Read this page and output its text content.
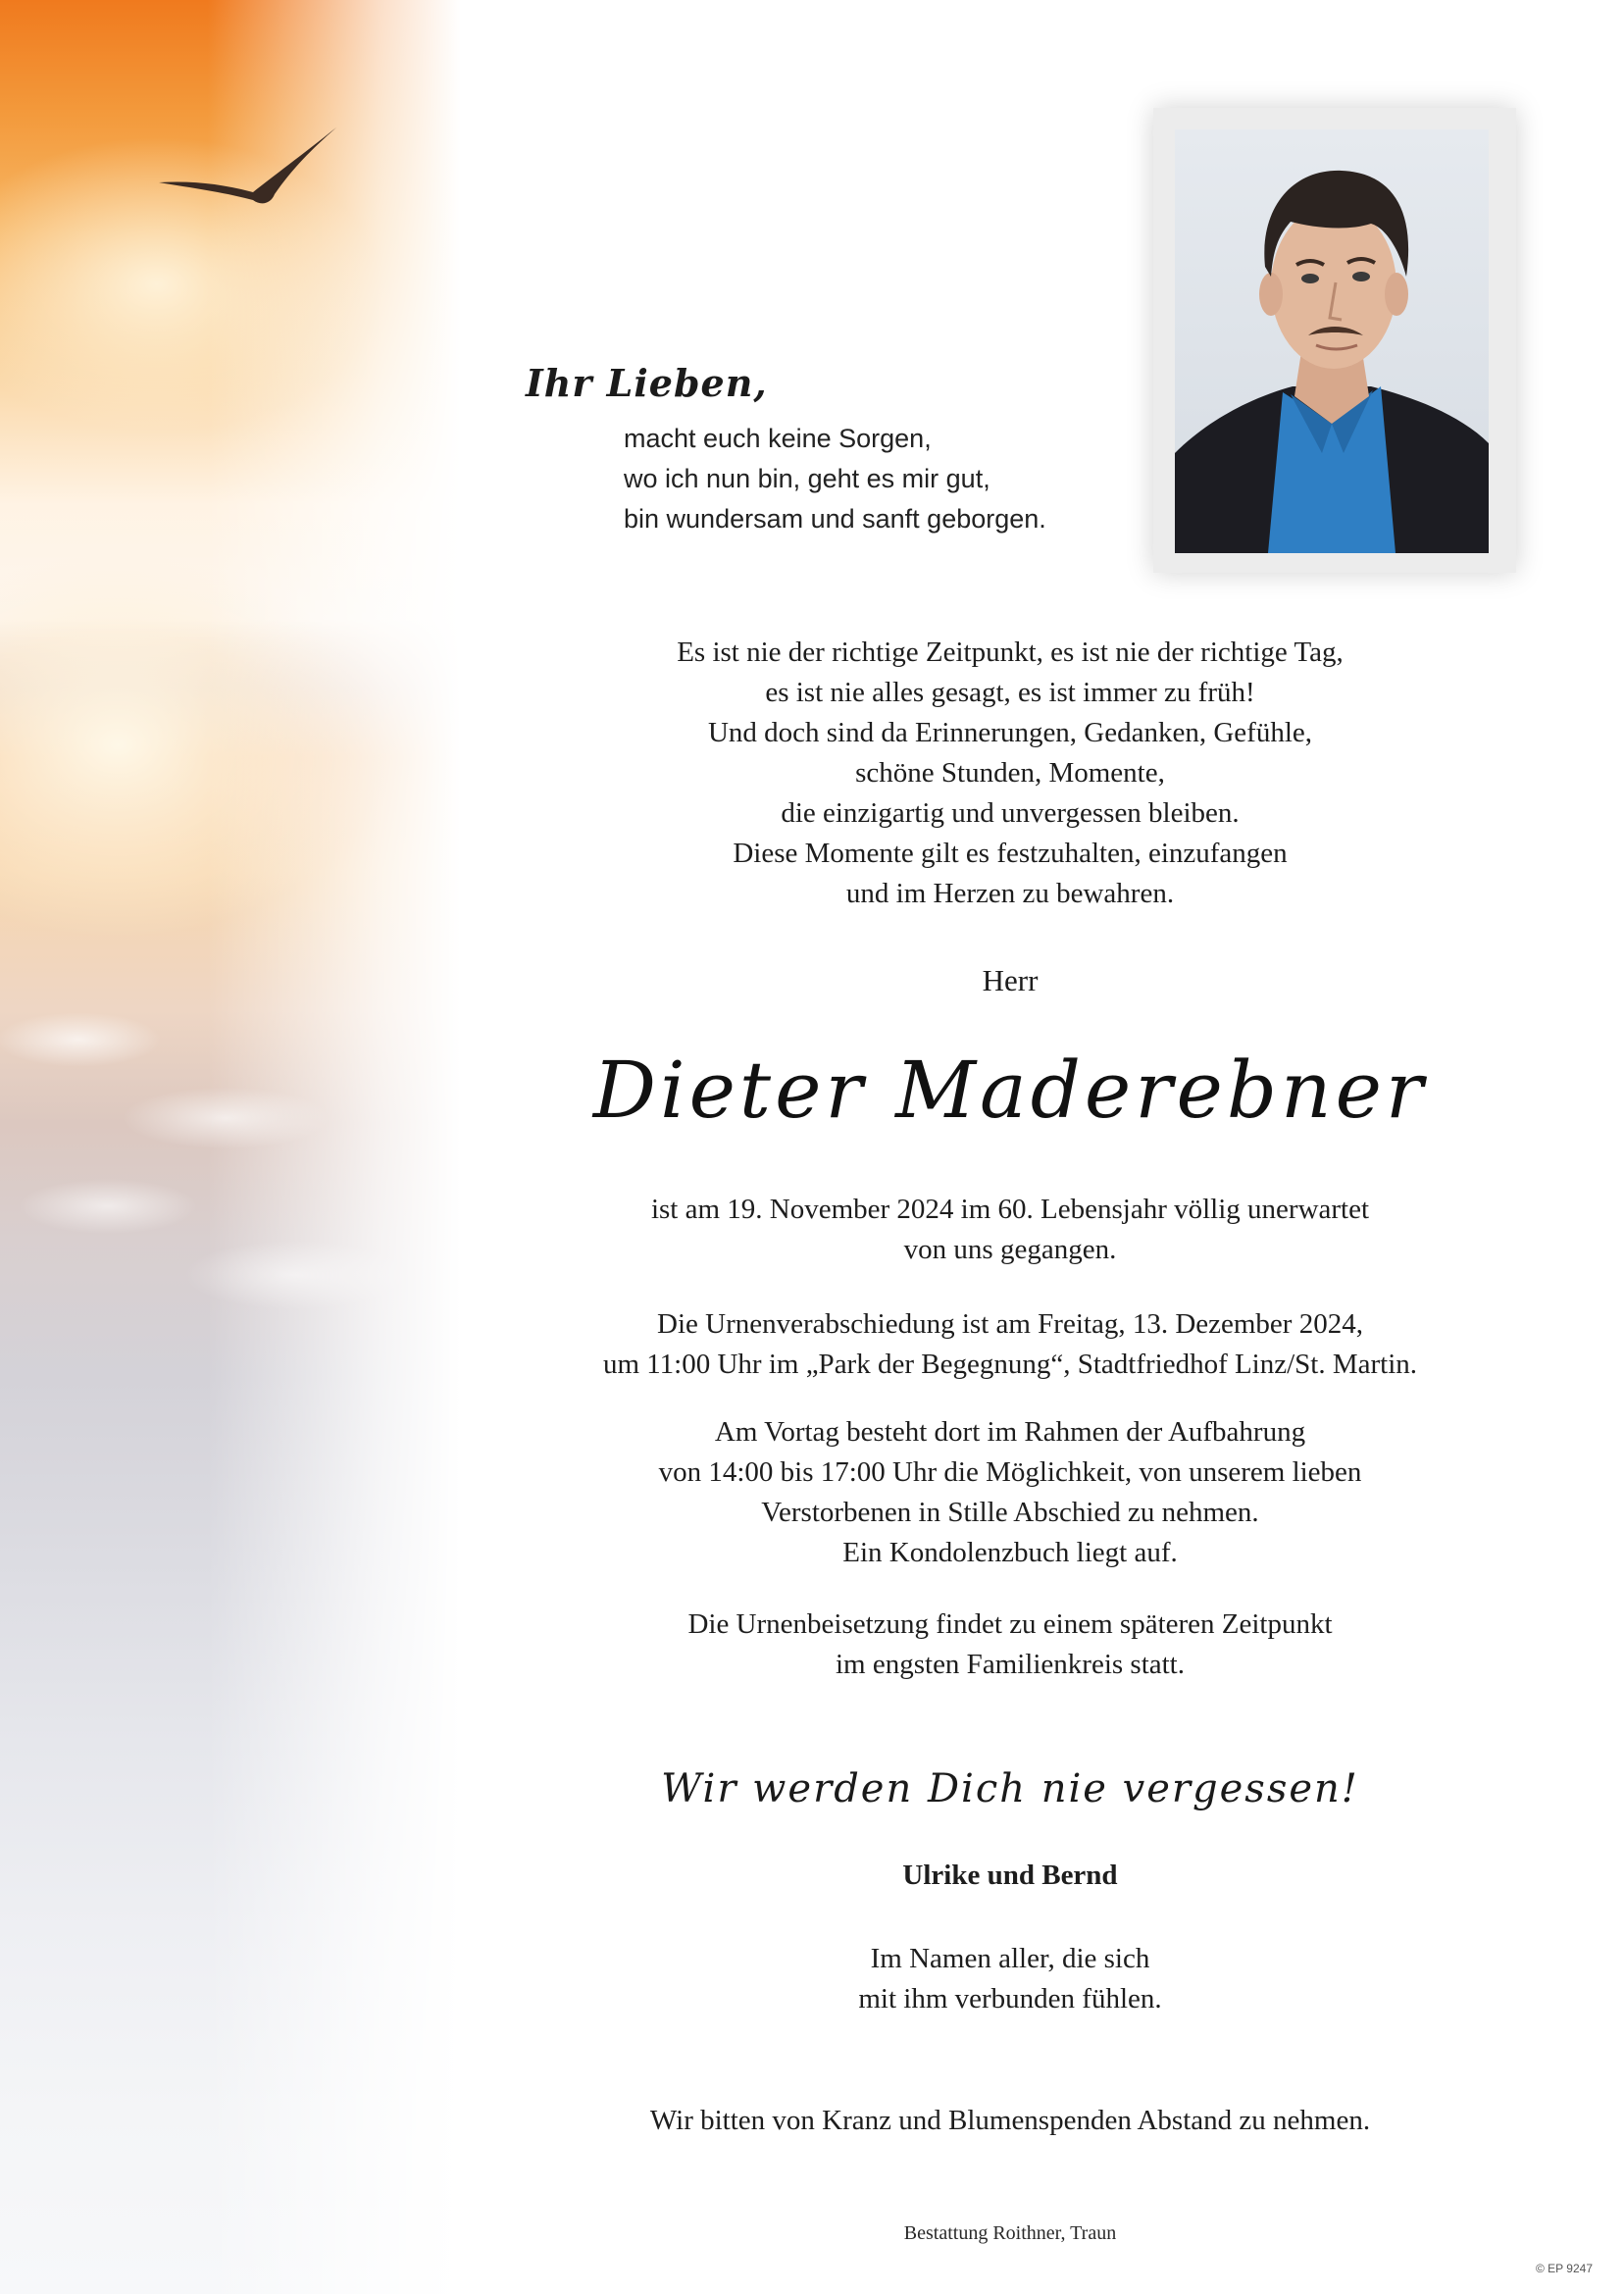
Ihr Lieben,
macht euch keine Sorgen,
wo ich nun bin, geht es mir gut,
bin wundersam und sanft geborgen.
Es ist nie der richtige Zeitpunkt, es ist nie der richtige Tag,
es ist nie alles gesagt, es ist immer zu früh!
Und doch sind da Erinnerungen, Gedanken, Gefühle,
schöne Stunden, Momente,
die einzigartig und unvergessen bleiben.
Diese Momente gilt es festzuhalten, einzufangen
und im Herzen zu bewahren.
Herr
Dieter Maderebner
ist am 19. November 2024 im 60. Lebensjahr völlig unerwartet
von uns gegangen.
Die Urnenverabschiedung ist am Freitag, 13. Dezember 2024,
um 11:00 Uhr im „Park der Begegnung“, Stadtfriedhof Linz/St. Martin.
Am Vortag besteht dort im Rahmen der Aufbahrung
von 14:00 bis 17:00 Uhr die Möglichkeit, von unserem lieben
Verstorbenen in Stille Abschied zu nehmen.
Ein Kondolenzbuch liegt auf.
Die Urnenbeisetzung findet zu einem späteren Zeitpunkt
im engsten Familienkreis statt.
Wir werden Dich nie vergessen!
Ulrike und Bernd
Im Namen aller, die sich
mit ihm verbunden fühlen.
Wir bitten von Kranz und Blumenspenden Abstand zu nehmen.
Bestattung Roithner, Traun
© EP 9247
